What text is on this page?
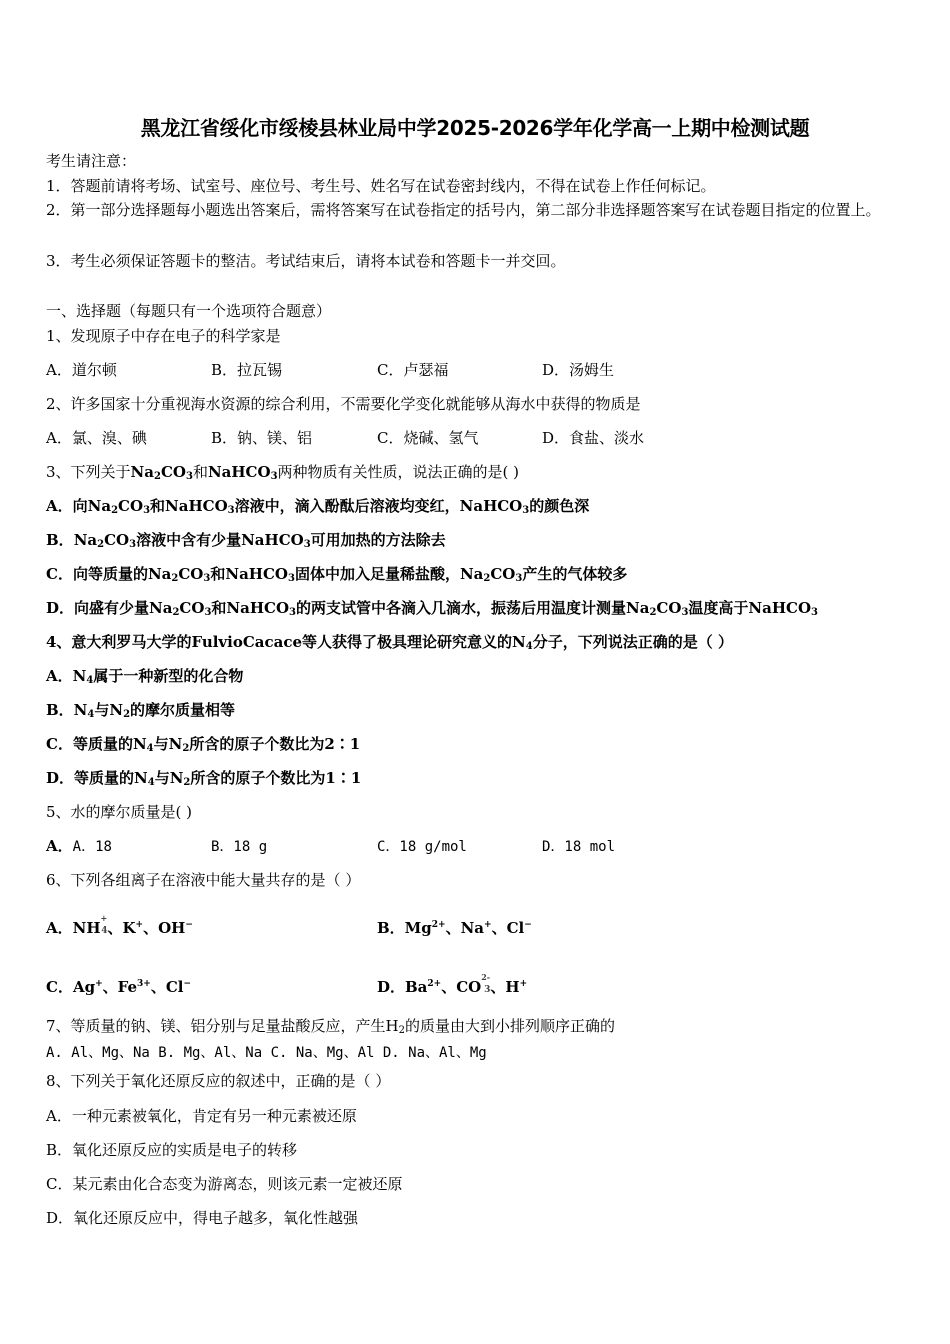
黑龙江省绥化市绥棱县林业局中学2025-2026学年化学高一上期中检测试题
考生请注意：
1．答题前请将考场、试室号、座位号、考生号、姓名写在试卷密封线内，不得在试卷上作任何标记。
2．第一部分选择题每小题选出答案后，需将答案写在试卷指定的括号内，第二部分非选择题答案写在试卷题目指定的位置上。
3．考生必须保证答题卡的整洁。考试结束后，请将本试卷和答题卡一并交回。
一、选择题（每题只有一个选项符合题意）
1、发现原子中存在电子的科学家是
A．道尔顿	B．拉瓦锡	C．卢瑟福	D．汤姆生
2、许多国家十分重视海水资源的综合利用，不需要化学变化就能够从海水中获得的物质是
A．氯、溴、碘	B．钠、镁、铝	C．烧碱、氢气	D．食盐、淡水
3、下列关于$Na_2CO_3$和NaHCO$_3$两种物质有关性质，说法正确的是( )
A．向$Na_2CO_3$和NaHCO$_3$溶液中，滴入酚酞后溶液均变红，NaHCO$_3$的颜色深
B．$Na_2CO_3$溶液中含有少量NaHCO$_3$可用加热的方法除去
C．向等质量的$Na_2CO_3$和NaHCO$_3$固体中加入足量稀盐酸，$Na_2CO_3$产生的气体较多
D．向盛有少量$Na_2CO_3$和NaHCO$_3$的两支试管中各滴入几滴水，振荡后用温度计测量$Na_2CO_3$温度高于NaHCO$_3$
4、意大利罗马大学的FulvioCacace等人获得了极具理论研究意义的$N_4$分子，下列说法正确的是（ ）
A．$N_4$属于一种新型的化合物
B．$N_4$与$N_2$的摩尔质量相等
C．等质量的$N_4$与$N_2$所含的原子个数比为2∶1
D．等质量的$N_4$与$N_2$所含的原子个数比为1∶1
5、水的摩尔质量是( )
A．A．18	B．18 g	C．18 g/mol	D．18 mol
6、下列各组离子在溶液中能大量共存的是（ ）
A．NH+4、K+、OH−	B．$Mg^{2+}$、Na+、Cl−
C．Ag+、$Fe^{3+}$、Cl−	D．$Ba^{2+}$、$CO^{2-}3$、H+
7、等质量的钠、镁、铝分别与足量盐酸反应，产生$H_2$的质量由大到小排列顺序正确的
A. Al、Mg、Na B. Mg、Al、Na C. Na、Mg、Al D. Na、Al、Mg
8、下列关于氧化还原反应的叙述中，正确的是（ ）
A．一种元素被氧化，肯定有另一种元素被还原
B．氧化还原反应的实质是电子的转移
C．某元素由化合态变为游离态，则该元素一定被还原
D．氧化还原反应中，得电子越多，氧化性越强
